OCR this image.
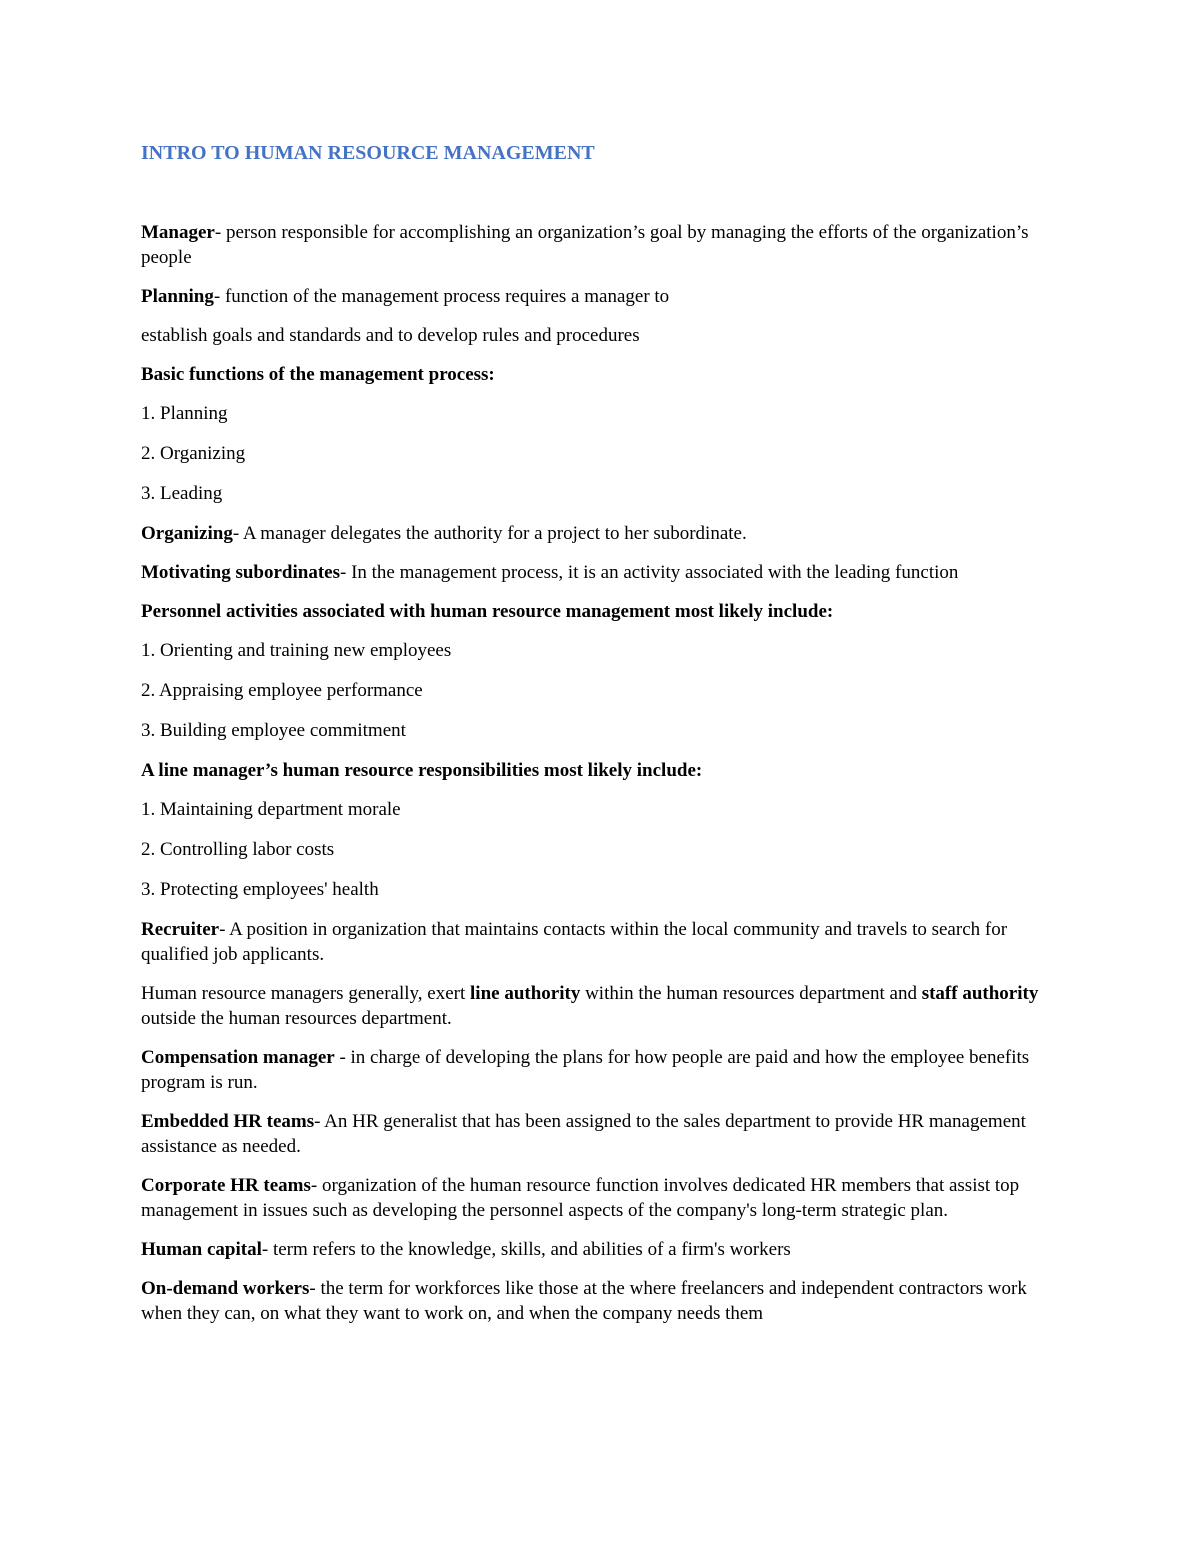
INTRO TO HUMAN RESOURCE MANAGEMENT

Manager- person responsible for accomplishing an organization’s goal by managing the efforts of the organization’s people

Planning- function of the management process requires a manager to

establish goals and standards and to develop rules and procedures

Basic functions of the management process:

1. Planning

2. Organizing

3. Leading

Organizing- A manager delegates the authority for a project to her subordinate.

Motivating subordinates- In the management process, it is an activity associated with the leading function

Personnel activities associated with human resource management most likely include:

1. Orienting and training new employees

2. Appraising employee performance

3. Building employee commitment

A line manager’s human resource responsibilities most likely include:

1. Maintaining department morale

2. Controlling labor costs

3. Protecting employees' health

Recruiter- A position in organization that maintains contacts within the local community and travels to search for qualified job applicants.

Human resource managers generally, exert line authority within the human resources department and staff authority outside the human resources department.

Compensation manager - in charge of developing the plans for how people are paid and how the employee benefits program is run.

Embedded HR teams- An HR generalist that has been assigned to the sales department to provide HR management assistance as needed.

Corporate HR teams- organization of the human resource function involves dedicated HR members that assist top management in issues such as developing the personnel aspects of the company's long-term strategic plan.

Human capital- term refers to the knowledge, skills, and abilities of a firm's workers

On-demand workers- the term for workforces like those at the where freelancers and independent contractors work when they can, on what they want to work on, and when the company needs them
